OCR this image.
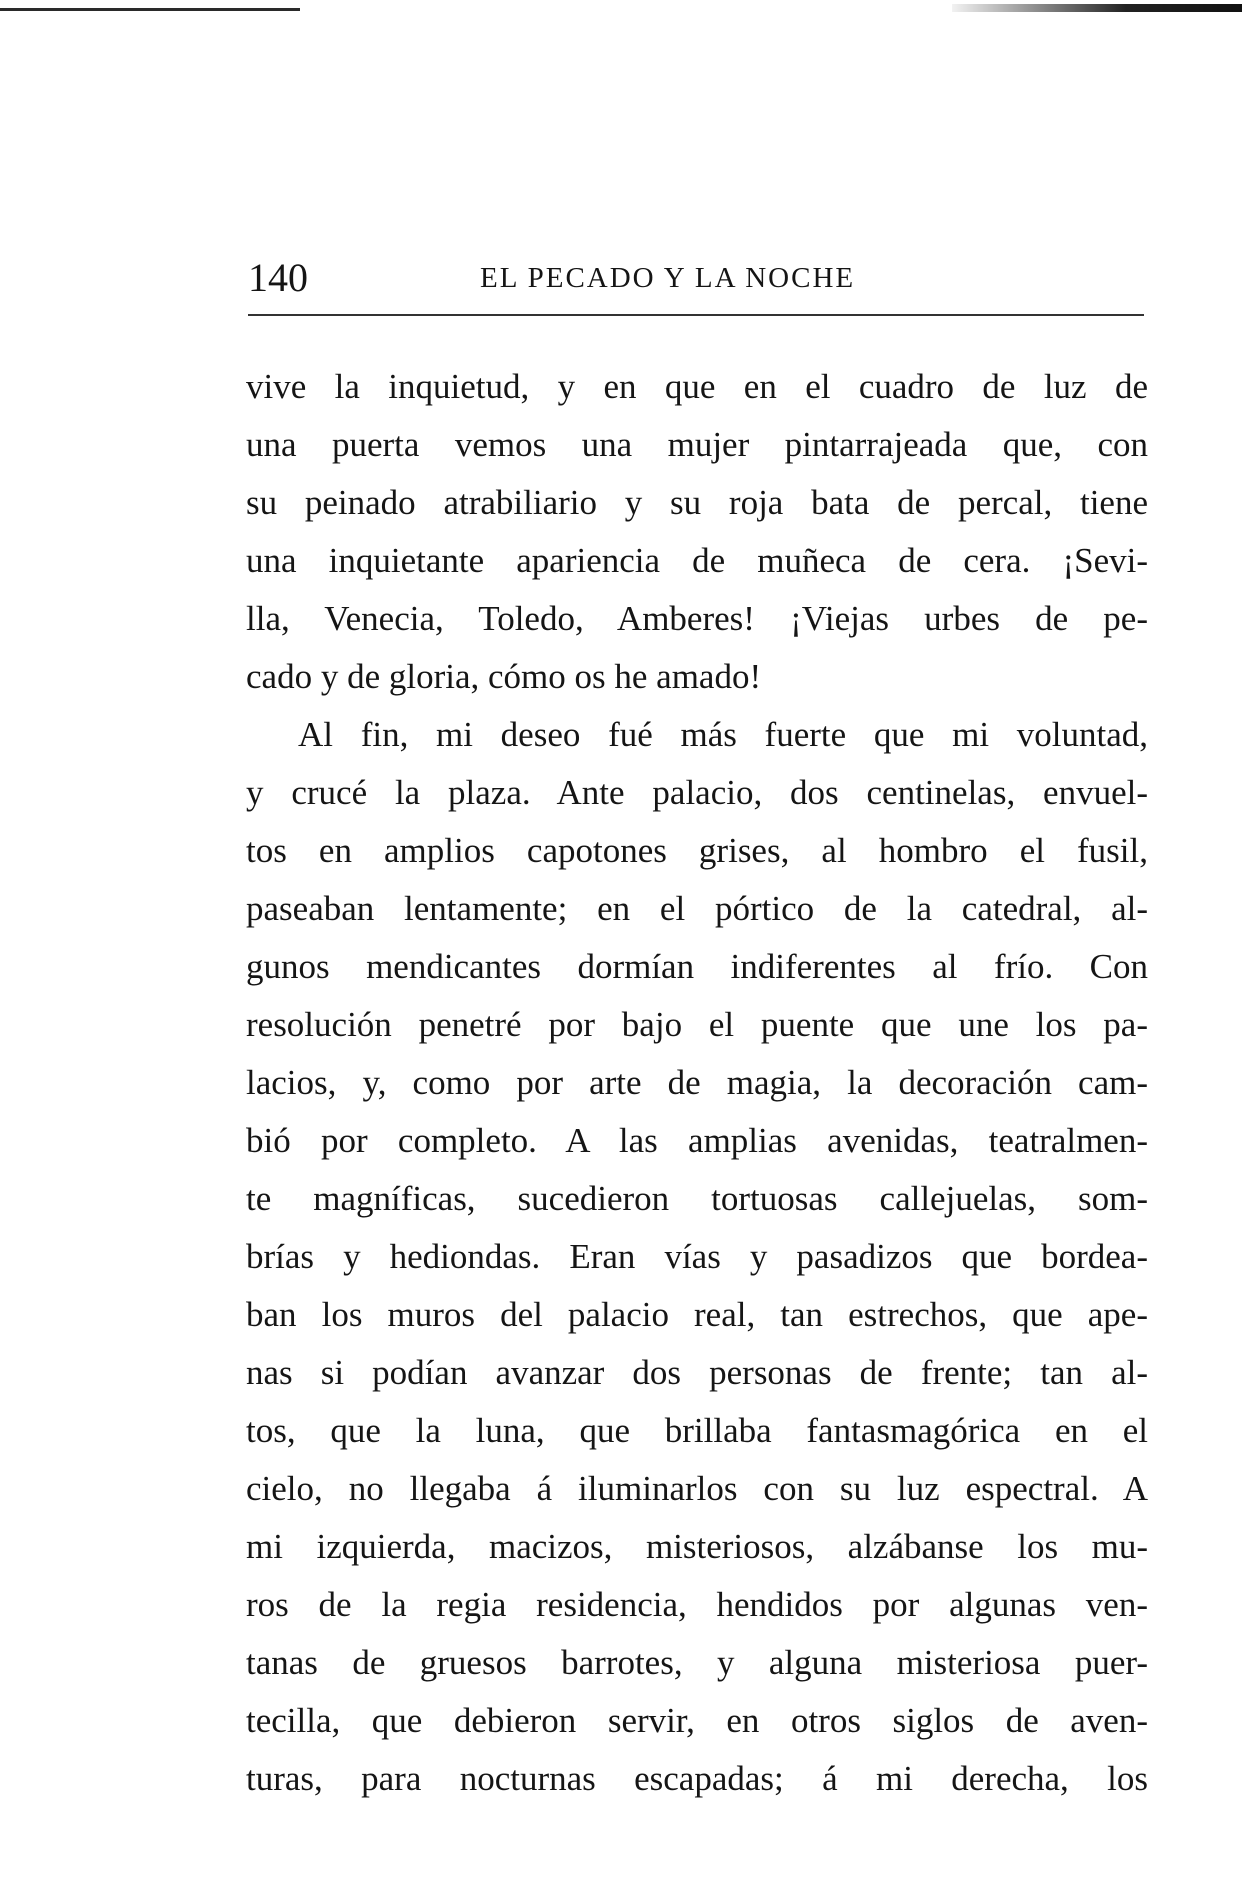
140	EL PECADO Y LA NOCHE
vive la inquietud, y en que en el cuadro de luz de
una puerta vemos una mujer pintarrajeada que, con
su peinado atrabiliario y su roja bata de percal, tiene
una inquietante apariencia de muñeca de cera. ¡Sevi-
lla, Venecia, Toledo, Amberes! ¡Viejas urbes de pe-
cado y de gloria, cómo os he amado!
Al fin, mi deseo fué más fuerte que mi voluntad,
y crucé la plaza. Ante palacio, dos centinelas, envuel-
tos en amplios capotones grises, al hombro el fusil,
paseaban lentamente; en el pórtico de la catedral, al-
gunos mendicantes dormían indiferentes al frío. Con
resolución penetré por bajo el puente que une los pa-
lacios, y, como por arte de magia, la decoración cam-
bió por completo. A las amplias avenidas, teatralmen-
te magníficas, sucedieron tortuosas callejuelas, som-
brías y hediondas. Eran vías y pasadizos que bordea-
ban los muros del palacio real, tan estrechos, que ape-
nas si podían avanzar dos personas de frente; tan al-
tos, que la luna, que brillaba fantasmagórica en el
cielo, no llegaba á iluminarlos con su luz espectral. A
mi izquierda, macizos, misteriosos, alzábanse los mu-
ros de la regia residencia, hendidos por algunas ven-
tanas de gruesos barrotes, y alguna misteriosa puer-
tecilla, que debieron servir, en otros siglos de aven-
turas, para nocturnas escapadas; á mi derecha, los
